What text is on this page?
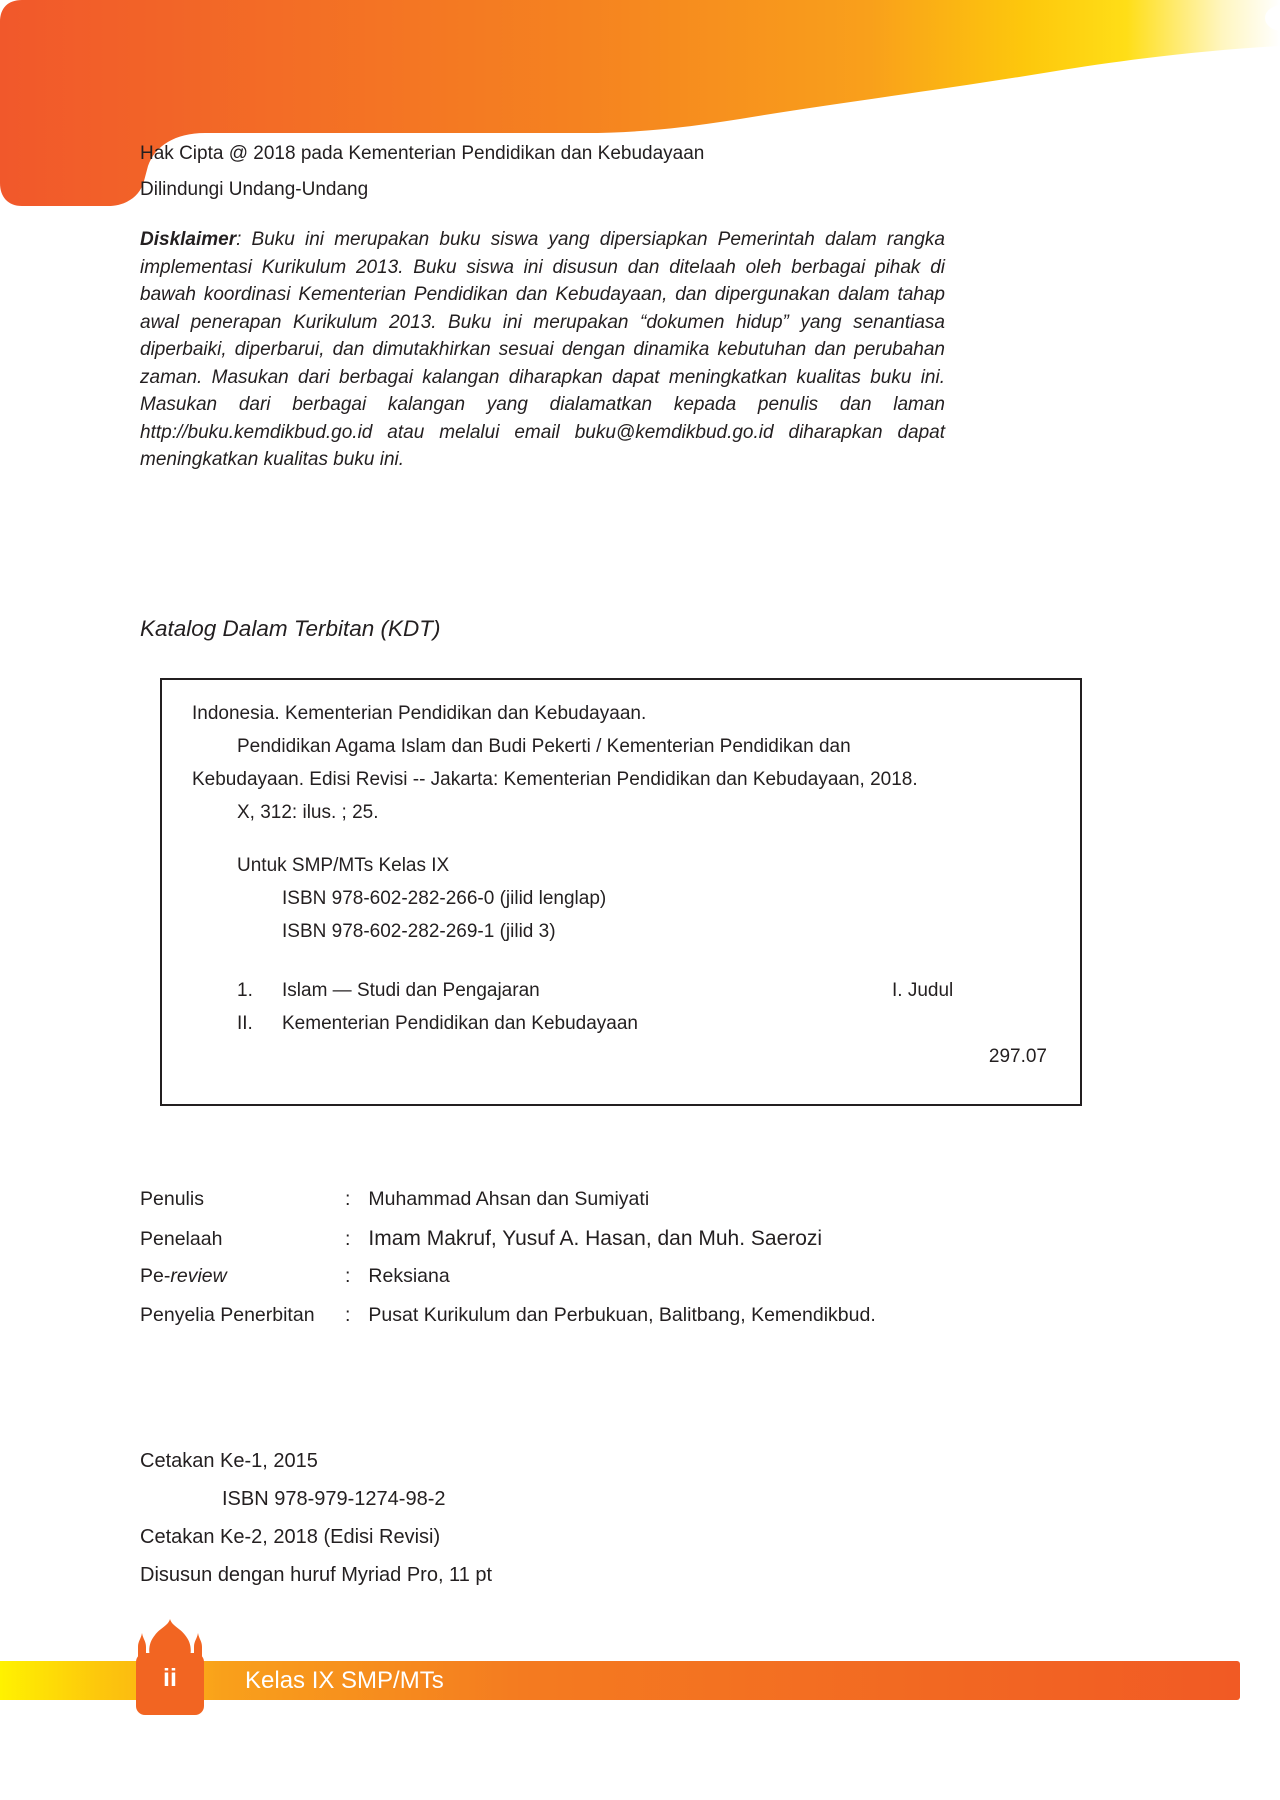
Hak Cipta @ 2018 pada Kementerian Pendidikan dan Kebudayaan
Dilindungi Undang-Undang

Disklaimer: Buku ini merupakan buku siswa yang dipersiapkan Pemerintah dalam rangka implementasi Kurikulum 2013. Buku siswa ini disusun dan ditelaah oleh berbagai pihak di bawah koordinasi Kementerian Pendidikan dan Kebudayaan, dan dipergunakan dalam tahap awal penerapan Kurikulum 2013. Buku ini merupakan “dokumen hidup” yang senantiasa diperbaiki, diperbarui, dan dimutakhirkan sesuai dengan dinamika kebutuhan dan perubahan zaman. Masukan dari berbagai kalangan diharapkan dapat meningkatkan kualitas buku ini. Masukan dari berbagai kalangan yang dialamatkan kepada penulis dan laman http://buku.kemdikbud.go.id atau melalui email buku@kemdikbud.go.id diharapkan dapat meningkatkan kualitas buku ini.

Katalog Dalam Terbitan (KDT)
Indonesia. Kementerian Pendidikan dan Kebudayaan.
Pendidikan Agama Islam dan Budi Pekerti / Kementerian Pendidikan dan
Kebudayaan. Edisi Revisi -- Jakarta: Kementerian Pendidikan dan Kebudayaan, 2018.
X, 312: ilus. ; 25.
Untuk SMP/MTs Kelas IX
ISBN 978-602-282-266-0 (jilid lenglap)
ISBN 978-602-282-269-1 (jilid 3)
1. Islam — Studi dan Pengajaran	I. Judul
II. Kementerian Pendidikan dan Kebudayaan
297.07
Penulis	: Muhammad Ahsan dan Sumiyati
Penelaah	: Imam Makruf, Yusuf A. Hasan, dan Muh. Saerozi
Pe-review	: Reksiana
Penyelia Penerbitan	: Pusat Kurikulum dan Perbukuan, Balitbang, Kemendikbud.
Cetakan Ke-1, 2015
ISBN 978-979-1274-98-2
Cetakan Ke-2, 2018 (Edisi Revisi)
Disusun dengan huruf Myriad Pro, 11 pt
ii	Kelas IX SMP/MTs
